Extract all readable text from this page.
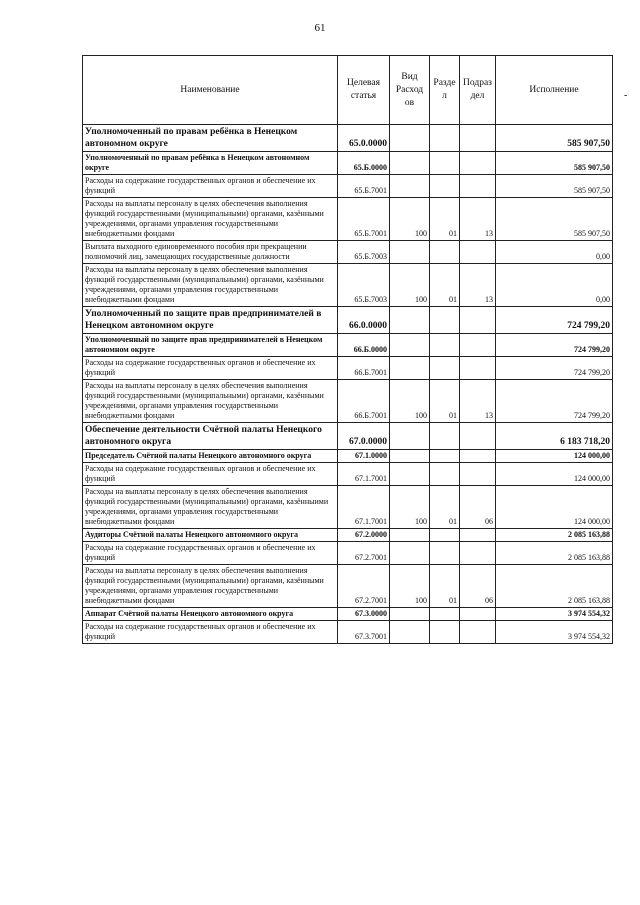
61
-
Наименование	Целевая статья	Вид Расход ов	Разде л	Подраз дел	Исполнение
Уполномоченный по правам ребёнка в Ненецком автономном округе	65.0.0000				585 907,50
Уполномоченный по правам ребёнка в Ненецком автономном округе	65.Б.0000				585 907,50
Расходы на содержание государственных органов и обеспечение их функций	65.Б.7001				585 907,50
Расходы на выплаты персоналу в целях обеспечения выполнения функций государственными (муниципальными) органами, казёнными учреждениями, органами управления государственными внебюджетными фондами	65.Б.7001	100	01	13	585 907,50
Выплата выходного единовременного пособия при прекращении полномочий лиц, замещающих государственные должности	65.Б.7003				0,00
Расходы на выплаты персоналу в целях обеспечения выполнения функций государственными (муниципальными) органами, казёнными учреждениями, органами управления государственными внебюджетными фондами	65.Б.7003	100	01	13	0,00
Уполномоченный по защите прав предпринимателей в Ненецком автономном округе	66.0.0000				724 799,20
Уполномоченный по защите прав предпринимателей в Ненецком автономном округе	66.Б.0000				724 799,20
Расходы на содержание государственных органов и обеспечение их функций	66.Б.7001				724 799,20
Расходы на выплаты персоналу в целях обеспечения выполнения функций государственными (муниципальными) органами, казёнными учреждениями, органами управления государственными внебюджетными фондами	66.Б.7001	100	01	13	724 799,20
Обеспечение деятельности Счётной палаты Ненецкого автономного округа	67.0.0000				6 183 718,20
Председатель Счётной палаты Ненецкого автономного округа	67.1.0000				124 000,00
Расходы на содержание государственных органов и обеспечение их функций	67.1.7001				124 000,00
Расходы на выплаты персоналу в целях обеспечения выполнения функций государственными (муниципальными) органами, казённыими учреждениями, органами управления государственными внебюджетными фондами	67.1.7001	100	01	06	124 000,00
Аудиторы Счётной палаты Ненецкого автономного округа	67.2.0000				2 085 163,88
Расходы на содержание государственных органов и обеспечение их функций	67.2.7001				2 085 163,88
Расходы на выплаты персоналу в целях обеспечения выполнения функций государственными (муниципальными) органами, казёнными учреждениями, органами управления государственными внебюджетными фондами	67.2.7001	100	01	06	2 085 163,88
Аппарат Счётной палаты Ненецкого автономного округа	67.3.0000				3 974 554,32
Расходы на содержание государственных органов и обеспечение их функций	67.3.7001				3 974 554,32
